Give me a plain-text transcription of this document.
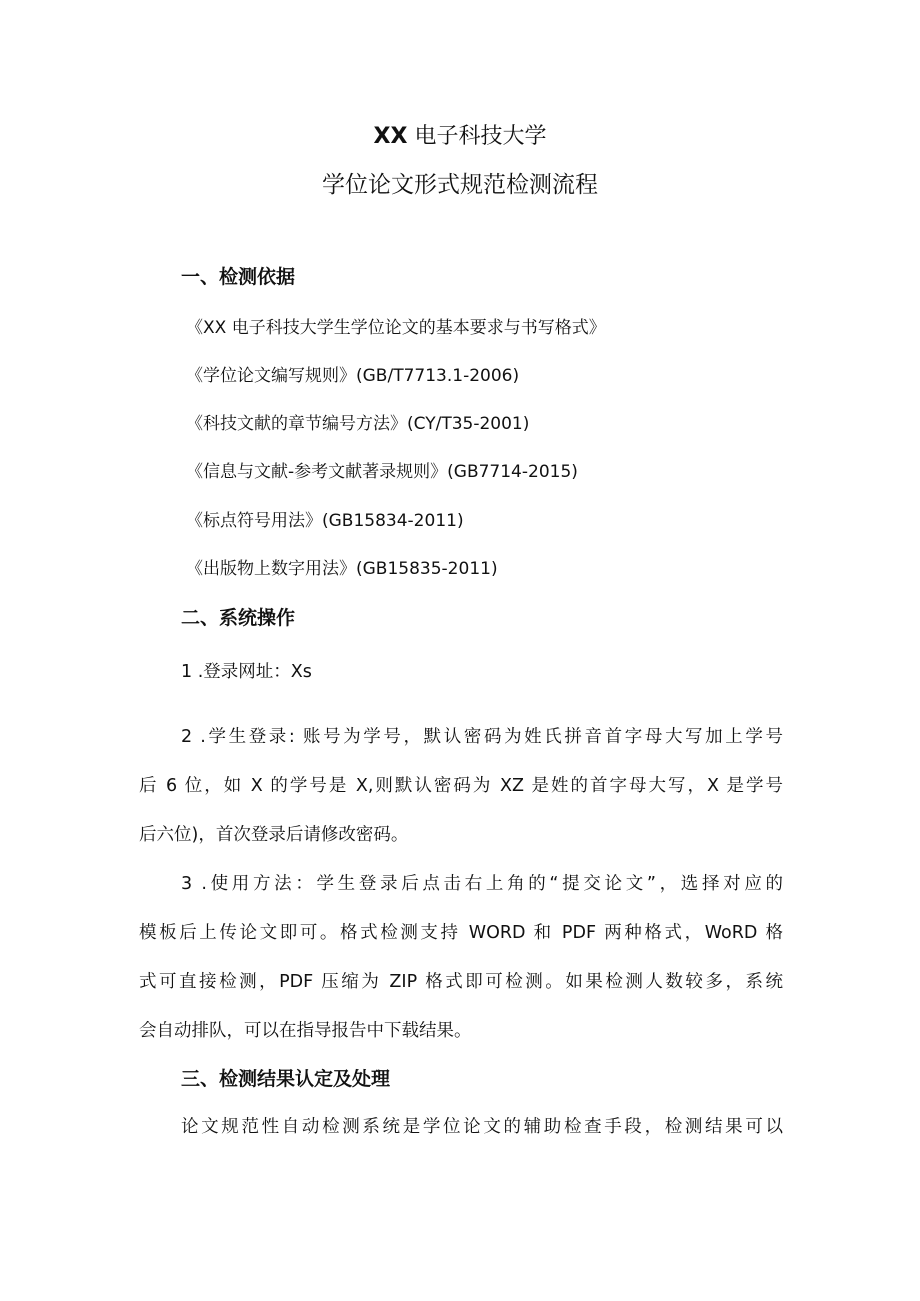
XX 电子科技大学
学位论文形式规范检测流程
一、检测依据
《XX 电子科技大学生学位论文的基本要求与书写格式》
《学位论文编写规则》(GB/T7713.1-2006)
《科技文献的章节编号方法》(CY/T35-2001)
《信息与文献-参考文献著录规则》(GB7714-2015)
《标点符号用法》(GB15834-2011)
《出版物上数字用法》(GB15835-2011)
二、系统操作
1 .登录网址：Xs
2 .学生登录: 账号为学号，默认密码为姓氏拼音首字母大写加上学号
后 6 位，如 X 的学号是 X,则默认密码为 XZ 是姓的首字母大写，X 是学号
后六位)，首次登录后请修改密码。
3 .使用方法：学生登录后点击右上角的“提交论文”，选择对应的
模板后上传论文即可。格式检测支持 WORD 和 PDF 两种格式，WoRD 格
式可直接检测，PDF 压缩为 ZIP 格式即可检测。如果检测人数较多，系统
会自动排队，可以在指导报告中下载结果。
三、检测结果认定及处理
论文规范性自动检测系统是学位论文的辅助检查手段，检测结果可以
